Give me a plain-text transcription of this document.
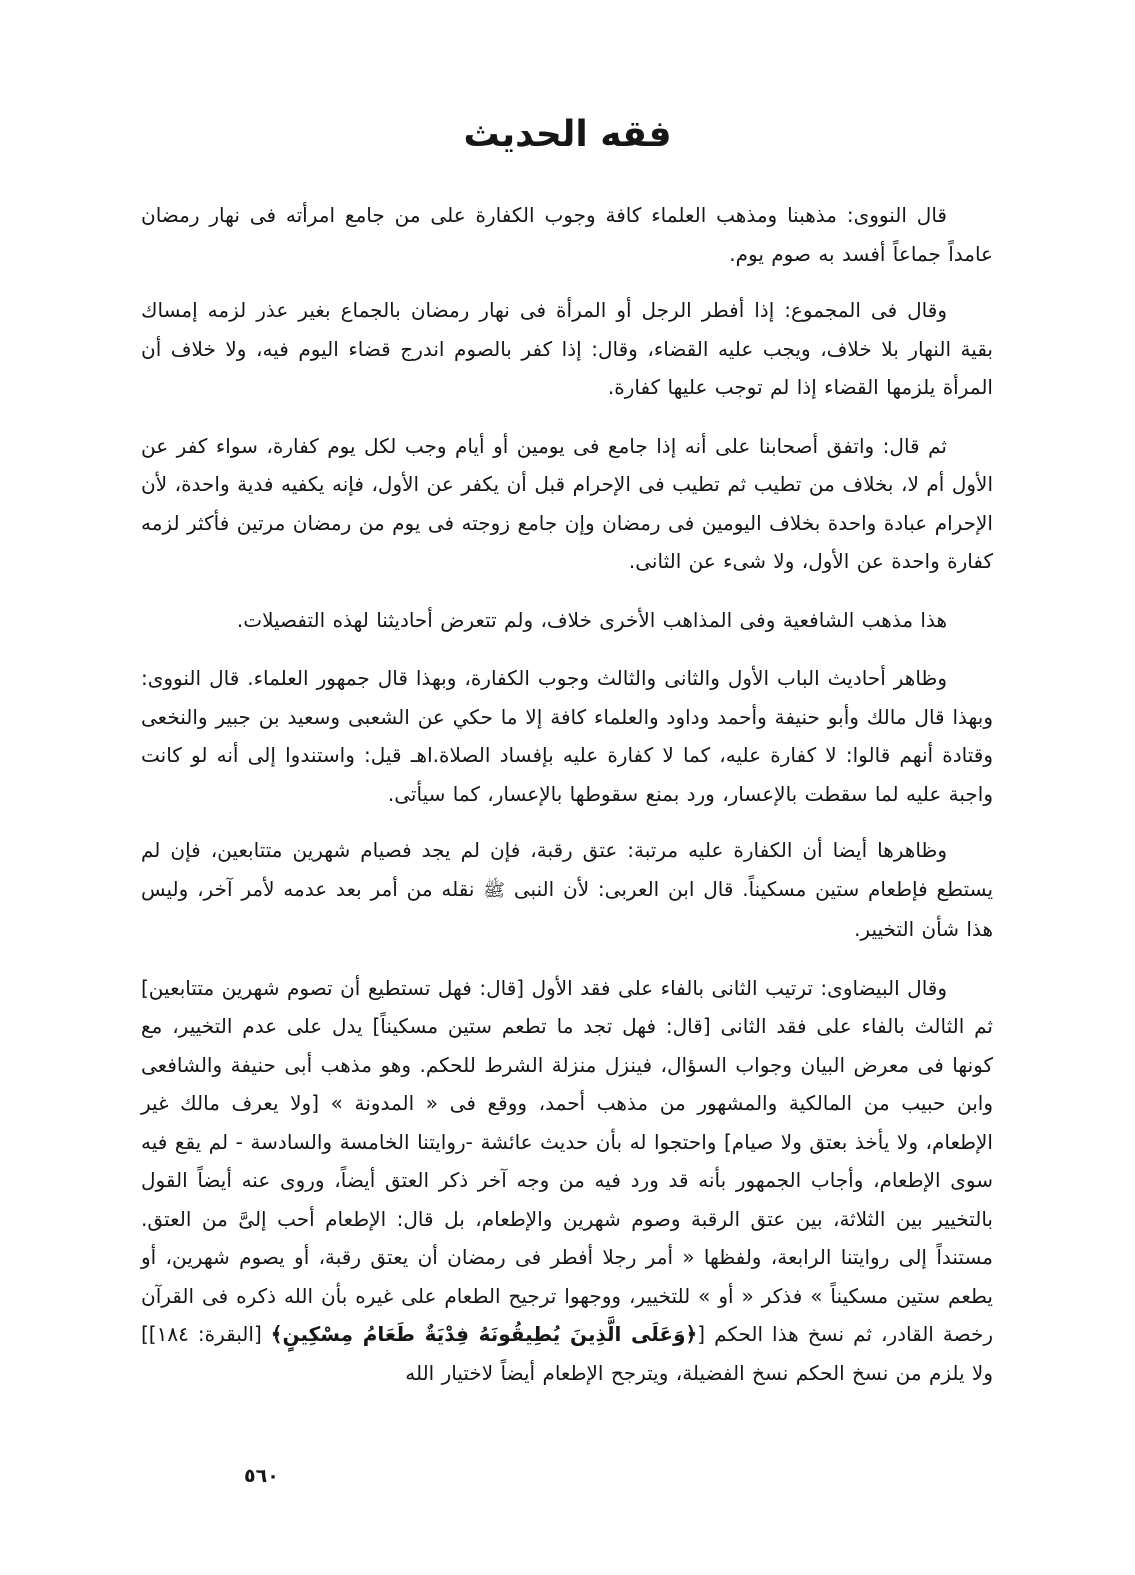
فقه الحديث

قال النووى: مذهبنا ومذهب العلماء كافة وجوب الكفارة على من جامع امرأته فى نهار رمضان عامداً جماعاً أفسد به صوم يوم.

وقال فى المجموع: إذا أفطر الرجل أو المرأة فى نهار رمضان بالجماع بغير عذر لزمه إمساك بقية النهار بلا خلاف، ويجب عليه القضاء، وقال: إذا كفر بالصوم اندرج قضاء اليوم فيه، ولا خلاف أن المرأة يلزمها القضاء إذا لم توجب عليها كفارة.

ثم قال: واتفق أصحابنا على أنه إذا جامع فى يومين أو أيام وجب لكل يوم كفارة، سواء كفر عن الأول أم لا، بخلاف من تطيب ثم تطيب فى الإحرام قبل أن يكفر عن الأول، فإنه يكفيه فدية واحدة، لأن الإحرام عبادة واحدة بخلاف اليومين فى رمضان وإن جامع زوجته فى يوم من رمضان مرتين فأكثر لزمه كفارة واحدة عن الأول، ولا شىء عن الثانى.

هذا مذهب الشافعية وفى المذاهب الأخرى خلاف، ولم تتعرض أحاديثنا لهذه التفصيلات.

وظاهر أحاديث الباب الأول والثانى والثالث وجوب الكفارة، وبهذا قال جمهور العلماء. قال النووى: وبهذا قال مالك وأبو حنيفة وأحمد وداود والعلماء كافة إلا ما حكي عن الشعبى وسعيد بن جبير والنخعى وقتادة أنهم قالوا: لا كفارة عليه، كما لا كفارة عليه بإفساد الصلاة.اهـ قيل: واستندوا إلى أنه لو كانت واجبة عليه لما سقطت بالإعسار، ورد بمنع سقوطها بالإعسار، كما سيأتى.

وظاهرها أيضا أن الكفارة عليه مرتبة: عتق رقبة، فإن لم يجد فصيام شهرين متتابعين، فإن لم يستطع فإطعام ستين مسكيناً. قال ابن العربى: لأن النبى ﷺ نقله من أمر بعد عدمه لأمر آخر، وليس هذا شأن التخيير.

وقال البيضاوى: ترتيب الثانى بالفاء على فقد الأول [قال: فهل تستطيع أن تصوم شهرين متتابعين] ثم الثالث بالفاء على فقد الثانى [قال: فهل تجد ما تطعم ستين مسكيناً] يدل على عدم التخيير، مع كونها فى معرض البيان وجواب السؤال، فينزل منزلة الشرط للحكم. وهو مذهب أبى حنيفة والشافعى وابن حبيب من المالكية والمشهور من مذهب أحمد، ووقع فى « المدونة » [ولا يعرف مالك غير الإطعام، ولا يأخذ بعتق ولا صيام] واحتجوا له بأن حديث عائشة -روايتنا الخامسة والسادسة - لم يقع فيه سوى الإطعام، وأجاب الجمهور بأنه قد ورد فيه من وجه آخر ذكر العتق أيضاً، وروى عنه أيضاً القول بالتخيير بين الثلاثة، بين عتق الرقبة وصوم شهرين والإطعام، بل قال: الإطعام أحب إلىَّ من العتق. مستنداً إلى روايتنا الرابعة، ولفظها « أمر رجلا أفطر فى رمضان أن يعتق رقبة، أو يصوم شهرين، أو يطعم ستين مسكيناً » فذكر « أو » للتخيير، ووجهوا ترجيح الطعام على غيره بأن الله ذكره فى القرآن رخصة القادر، ثم نسخ هذا الحكم [﴿وَعَلَى الَّذِينَ يُطِيقُونَهُ فِدْيَةٌ طَعَامُ مِسْكِينٍ﴾ [البقرة: ١٨٤]] ولا يلزم من نسخ الحكم نسخ الفضيلة، ويترجح الإطعام أيضاً لاختيار الله

٥٦٠
